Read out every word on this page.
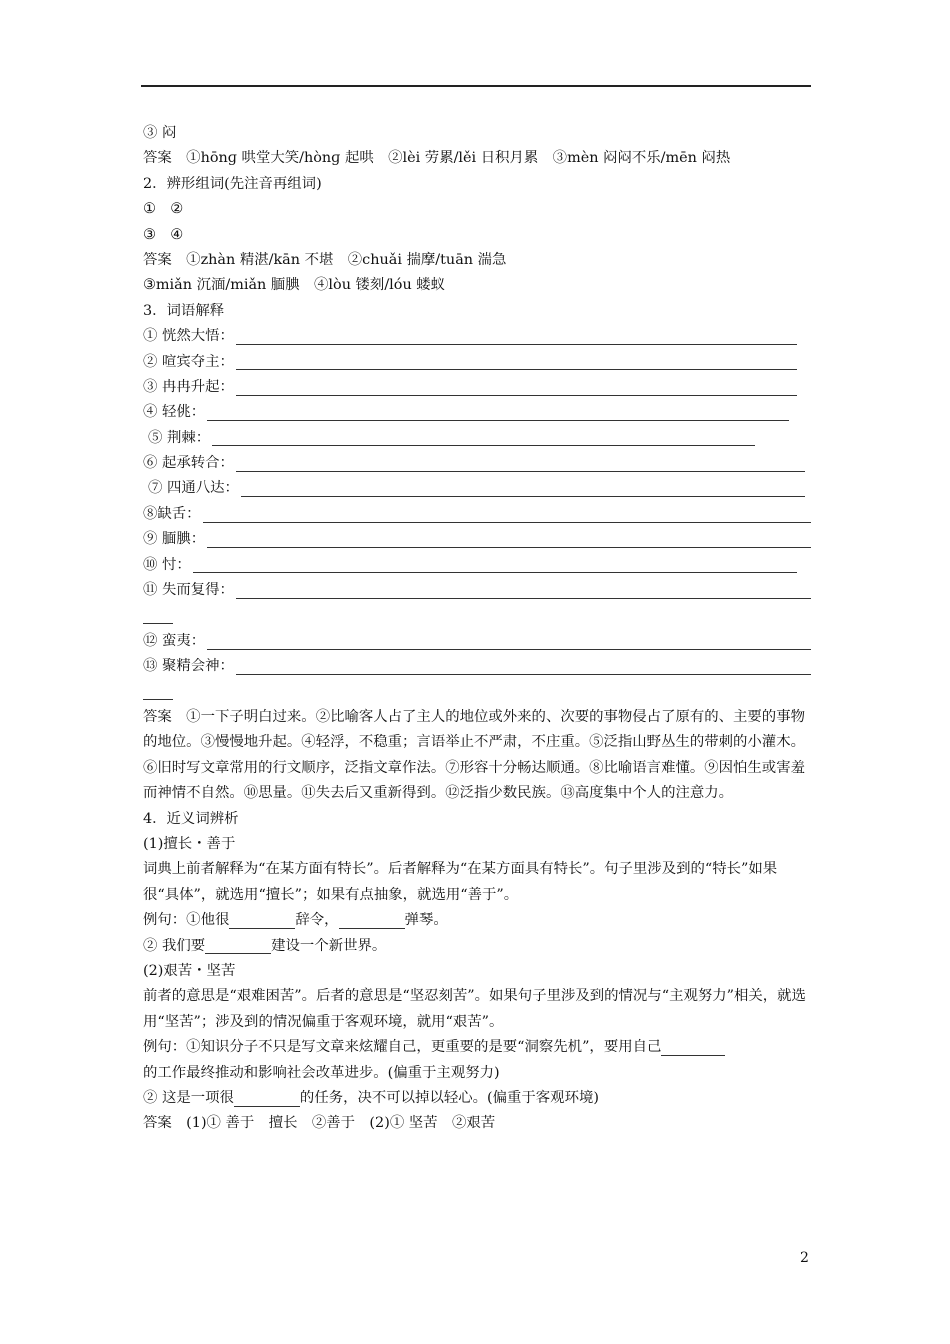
③ 闷
答案　①hōnɡ 哄堂大笑/hònɡ 起哄　②lèi 劳累/lěi 日积月累　③mèn 闷闷不乐/mēn 闷热
2．辨形组词(先注音再组词)
①　②
③　④
答案　①zhàn 精湛/kān 不堪　②chuǎi 揣摩/tuān 湍急
③miǎn 沉湎/miǎn 腼腆　④lòu 镂刻/lóu 蝼蚁
3．词语解释
① 恍然大悟：
② 喧宾夺主：
③ 冉冉升起：
④ 轻佻：
⑤ 荆棘：
⑥ 起承转合：
⑦ 四通八达：
⑧缺舌：
⑨ 腼腆：
⑩ 忖：
⑪ 失而复得：
⑫ 蛮夷：
⑬ 聚精会神：
答案　①一下子明白过来。②比喻客人占了主人的地位或外来的、次要的事物侵占了原有的、主要的事物的地位。③慢慢地升起。④轻浮，不稳重；言语举止不严肃，不庄重。⑤泛指山野丛生的带刺的小灌木。⑥旧时写文章常用的行文顺序，泛指文章作法。⑦形容十分畅达顺通。⑧比喻语言难懂。⑨因怕生或害羞而神情不自然。⑩思量。⑪失去后又重新得到。⑫泛指少数民族。⑬高度集中个人的注意力。
4．近义词辨析
(1)擅长・善于
词典上前者解释为“在某方面有特长”。后者解释为“在某方面具有特长”。句子里涉及到的“特长”如果很“具体”，就选用“擅长”；如果有点抽象，就选用“善于”。
例句：①他很	辞令，	弹琴。
② 我们要	建设一个新世界。
(2)艰苦・坚苦
前者的意思是“艰难困苦”。后者的意思是“坚忍刻苦”。如果句子里涉及到的情况与“主观努力”相关，就选用“坚苦”；涉及到的情况偏重于客观环境，就用“艰苦”。
例句：①知识分子不只是写文章来炫耀自己，更重要的是要“洞察先机”，要用自己
的工作最终推动和影响社会改革进步。(偏重于主观努力)
② 这是一项很	的任务，决不可以掉以轻心。(偏重于客观环境)
答案　(1)① 善于　擅长　②善于　(2)① 坚苦　②艰苦
2
